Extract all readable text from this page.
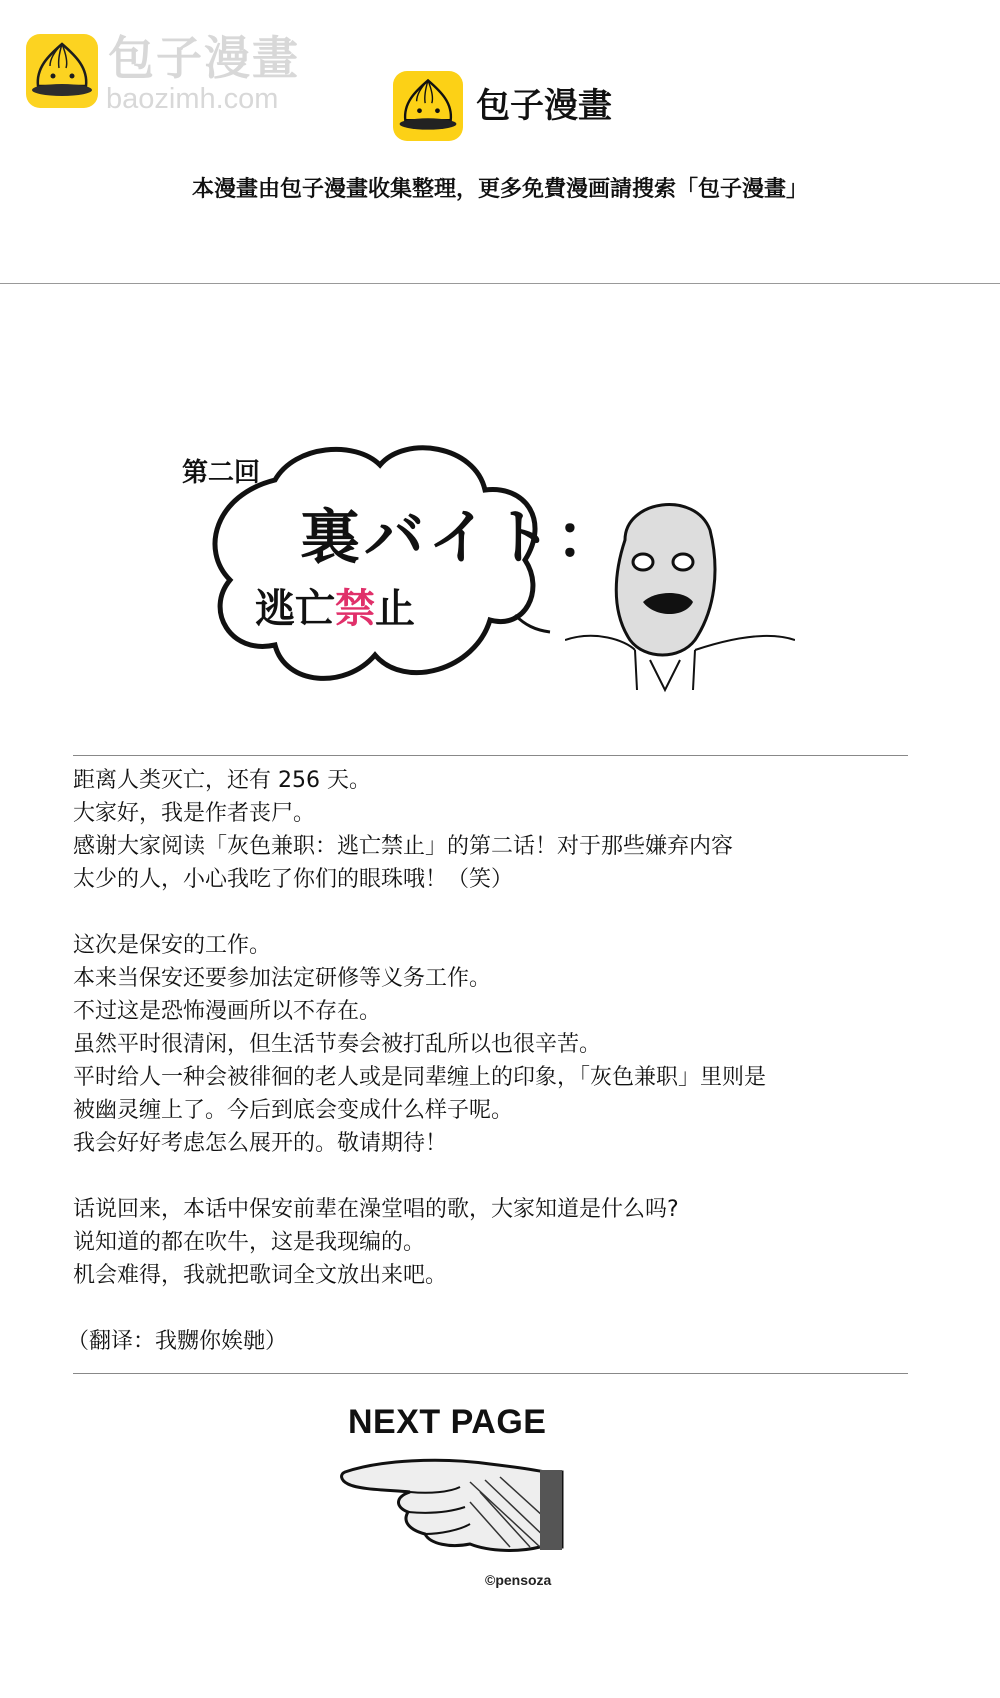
包子漫畫
baozimh.com	包子漫畫
本漫畫由包子漫畫收集整理，更多免費漫画請搜索「包子漫畫」
第二回
裏バイト：
逃亡禁止

距离人类灭亡，还有 256 天。
大家好，我是作者丧尸。
感谢大家阅读「灰色兼职：逃亡禁止」的第二话！对于那些嫌弃内容
太少的人，小心我吃了你们的眼珠哦！（笑）

这次是保安的工作。
本来当保安还要参加法定研修等义务工作。
不过这是恐怖漫画所以不存在。
虽然平时很清闲，但生活节奏会被打乱所以也很辛苦。
平时给人一种会被徘徊的老人或是同辈缠上的印象，「灰色兼职」里则是
被幽灵缠上了。今后到底会变成什么样子呢。
我会好好考虑怎么展开的。敬请期待！

话说回来，本话中保安前辈在澡堂唱的歌，大家知道是什么吗?
说知道的都在吹牛，这是我现编的。
机会难得，我就把歌词全文放出来吧。

（翻译：我嬲你娭毑）

NEXT PAGE
©pensoza
